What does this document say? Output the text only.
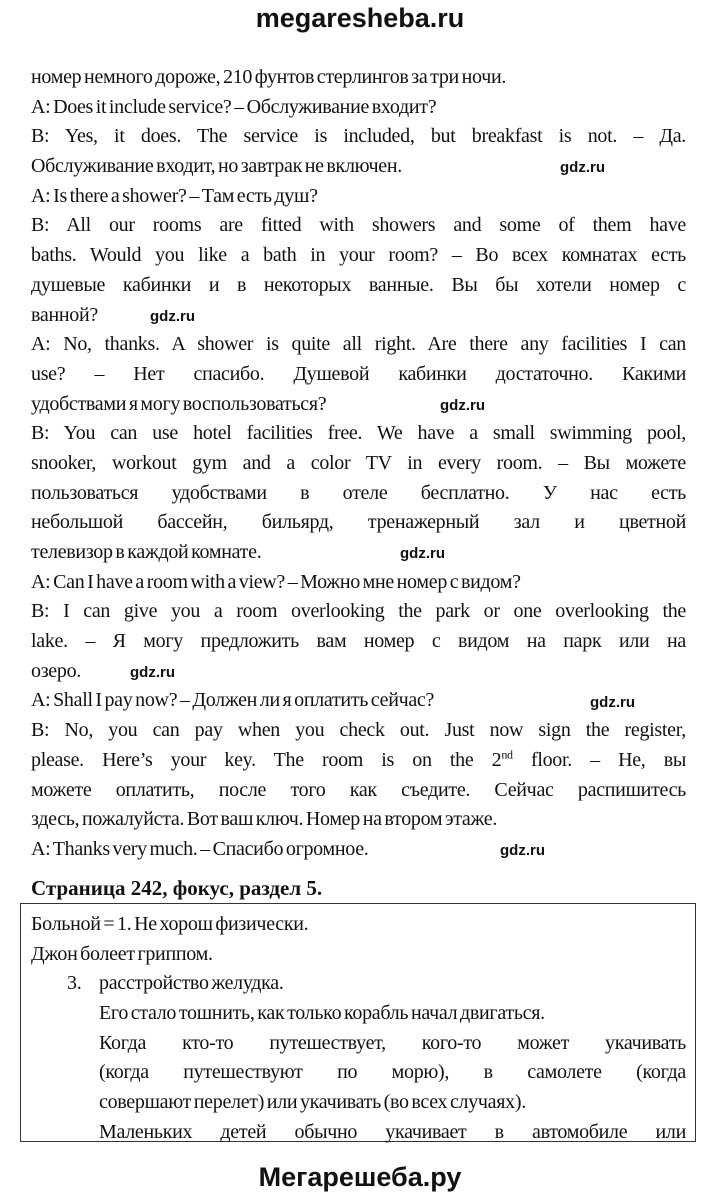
megaresheba.ru
номер немного дороже, 210 фунтов стерлингов за три ночи.
A: Does it include service? – Обслуживание входит?
B: Yes, it does. The service is included, but breakfast is not. – Да.
Обслуживание входит, но завтрак не включен.
A: Is there a shower? – Там есть душ?
B: All our rooms are fitted with showers and some of them have
baths. Would you like a bath in your room? – Во всех комнатах есть
душевые кабинки и в некоторых ванные. Вы бы хотели номер с
ванной?
A: No, thanks. A shower is quite all right. Are there any facilities I can
use? – Нет спасибо. Душевой кабинки достаточно. Какими
удобствами я могу воспользоваться?
B: You can use hotel facilities free. We have a small swimming pool,
snooker, workout gym and a color TV in every room. – Вы можете
пользоваться удобствами в отеле бесплатно. У нас есть
небольшой бассейн, бильярд, тренажерный зал и цветной
телевизор в каждой комнате.
A: Can I have a room with a view? – Можно мне номер с видом?
B: I can give you a room overlooking the park or one overlooking the
lake. – Я могу предложить вам номер с видом на парк или на
озеро.
A: Shall I pay now? – Должен ли я оплатить сейчас?
B: No, you can pay when you check out. Just now sign the register,
please. Here’s your key. The room is on the 2nd floor. – Не, вы
можете оплатить, после того как съедите. Сейчас распишитесь
здесь, пожалуйста. Вот ваш ключ. Номер на втором этаже.
A: Thanks very much. – Спасибо огромное.
gdz.ru
gdz.ru
gdz.ru
gdz.ru
gdz.ru
gdz.ru
gdz.ru
Страница 242, фокус, раздел 5.
Больной = 1. Не хорош физически.
Джон болеет гриппом.
3. расстройство желудка.
Его стало тошнить, как только корабль начал двигаться.
Когда кто-то путешествует, кого-то может укачивать
(когда путешествуют по морю), в самолете (когда
совершают перелет) или укачивать (во всех случаях).
Маленьких детей обычно укачивает в автомобиле или
Мегарешеба.ру
